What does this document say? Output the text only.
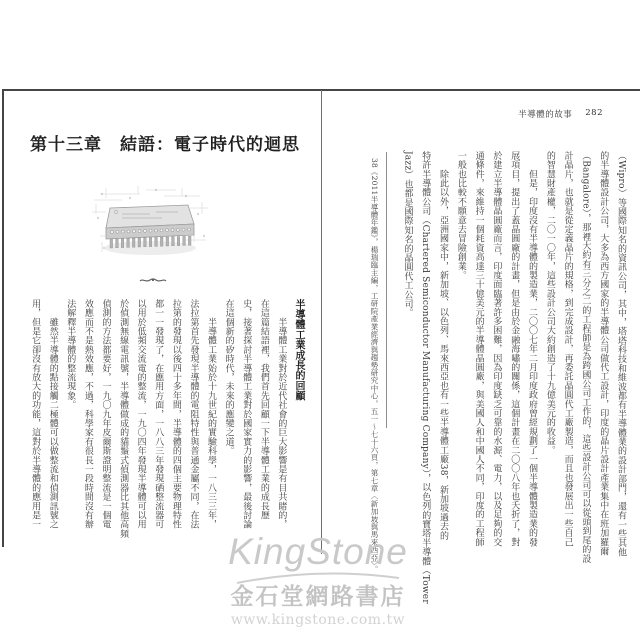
第十三章　結語：電子時代的迴思
半導體工業成長的回顧
　　半導體工業對於近代社會的巨大影響是有目共睹的，
在這篇結語裡，我們首先回顧一下半導體工業的成長歷
史，接著探討半導體工業對於國家實力的影響，最後討論
在這個新的矽時代，未來的應變之道。
　　半導體工業始於十九世紀的實驗科學，一八三三年，
法拉第首先發現半導體的電阻特性與普通金屬不同，在法
拉第的發現以後四十多年間，半導體的四個主要物理特性
都一一發現了，在應用方面，一八八三年發現硒整流器可
以用於低頻交流電的整流，一九〇四年發現半導體可以用
於偵測無線電訊號，半導體做成的貓鬚式偵測器比其他高頻
偵測的方法都要好，一九〇九年皮爾斯證明整流是一個電
效應而不是熱效應，不過，科學家有很長一段時間沒有辦
法解釋半導體的整流現象。
　　雖然半導體的點接觸二極體可以做整流和偵測訊號之
用，但是它卻沒有放大的功能，這對於半導體的應用是一
半導體的故事 282
（Wipro）等國際知名的資訊公司，其中，塔塔科技和維波都有半導體業的設計部門，還有一些其他
的半導體設計公司，大多為西方國家的半導體公司做代工設計，印度的晶片設計產業集中在班加羅爾
（Bangalore），那裡大約有三分之二的工程師是為跨國公司工作的，這些設計公司可以從頭到尾的設
計晶片，也就是從定義晶片的規格，到完成設計，再委託晶圓代工廠製造，而且也發展出一些自己
的智慧財產權，二〇一〇年，這些設計公司大約創造了十九億美元的收益。
　　但是，印度沒有半導體的製造業，二〇〇七年二月印度政府曾經規劃了一個半導體製造業的發
展項目，提出了蓋晶圓廠的計畫，但是由於金融海嘯的關係，這個計畫在二〇〇八年也夭折了，對
於建立半導體晶圓廠而言，印度面臨著許多困難，因為印度缺乏可靠的水源、電力，以及足夠的交
通條件，來維持一個耗資高達三十億美元的半導體晶圓廠，與美國人和中國人不同，印度的工程師
一般也比較不願意去冒險創業。
　　除此以外，亞洲國家中，新加坡、以色列、馬來西亞也有一些半導體工廠38，新加坡過去的
特許半導體公司（Chartered Semiconductor Manufacturing Company），以色列的寶塔半導體（Tower
Jazz）也都是國際知名的晶圓代工公司。
38《2011半導體年鑑》，楊瑞臨主編，工研院產業經濟與趨勢研究中心，五一～七十六頁，第七章〈新加坡與馬來西亞〉。
KingStone
金石堂網路書店
www.kingstone.com.tw
